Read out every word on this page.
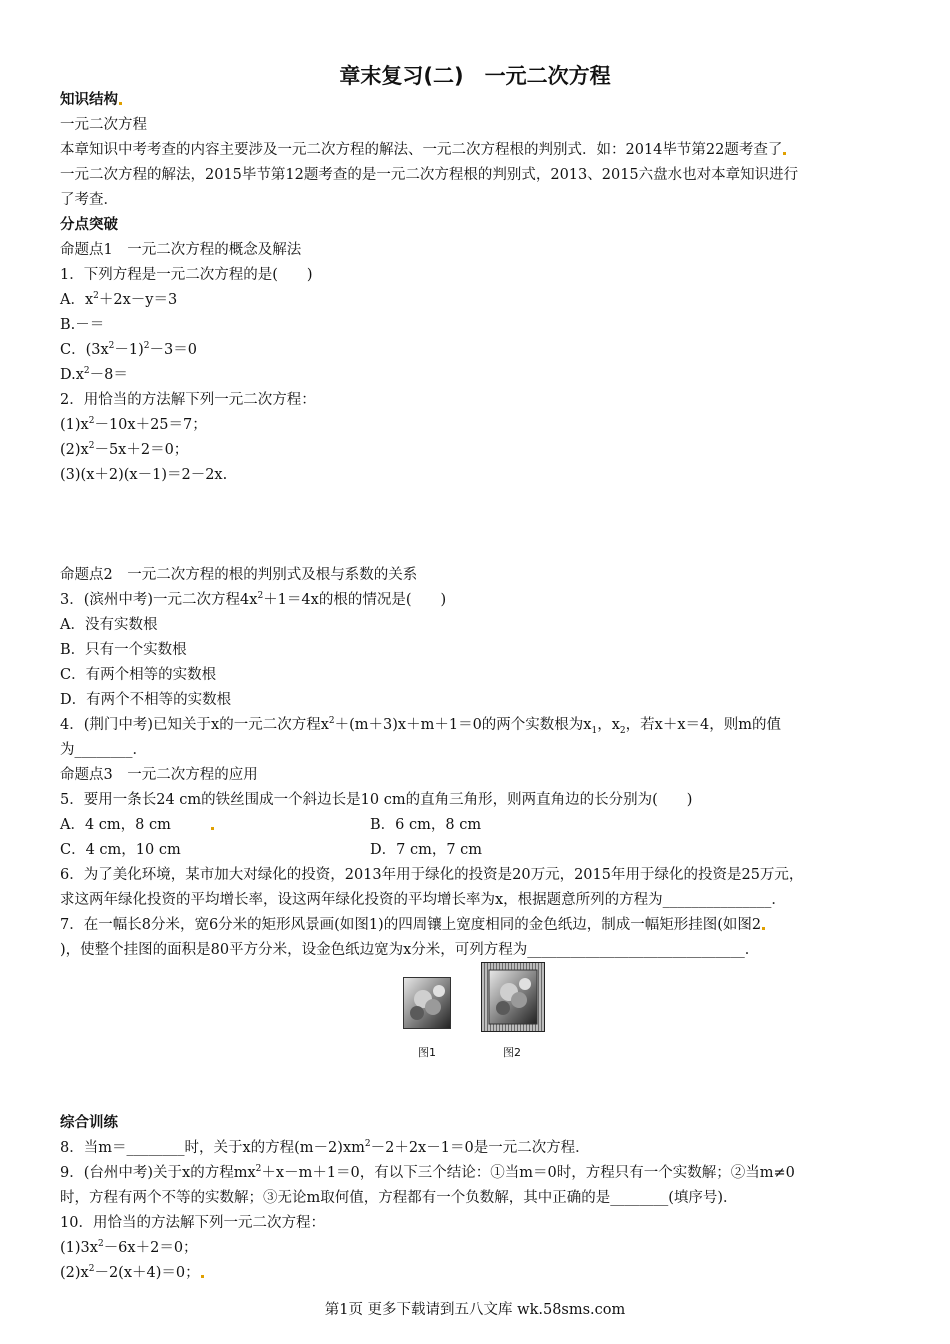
章末复习(二)　一元二次方程
知识结构
一元二次方程
本章知识中考考查的内容主要涉及一元二次方程的解法、一元二次方程根的判别式．如：2014毕节第22题考查了
一元二次方程的解法，2015毕节第12题考查的是一元二次方程根的判别式，2013、2015六盘水也对本章知识进行
了考查．
分点突破
命题点1　一元二次方程的概念及解法
1．下列方程是一元二次方程的是(　　)
A．$x^2+2x-y=3$
B.－＝
C．$(3x^2-1)^2-3=0$
$D.x^2-8=$
2．用恰当的方法解下列一元二次方程：
$(1)x^2-10x+25=7$；
$(2)x^2-5x+2=0$；
(3)(x＋2)(x－1)＝2－2x.
命题点2　一元二次方程的根的判别式及根与系数的关系
3．(滨州中考)一元二次方程$4x^2+1=4x$的根的情况是(　　)
A．没有实数根
B．只有一个实数根
C．有两个相等的实数根
D．有两个不相等的实数根
4．(荆门中考)已知关于x的一元二次方程$x^2+(m+3)x+m+1=0$的两个实数根为$x_1$，$x_2$，若x＋x＝4，则m的值
为________．
命题点3　一元二次方程的应用
5．要用一条长24 cm的铁丝围成一个斜边长是10 cm的直角三角形，则两直角边的长分别为(　　)
A．4 cm，8 cm	B．6 cm，8 cm
C．4 cm，10 cm	D．7 cm，7 cm
6．为了美化环境，某市加大对绿化的投资，2013年用于绿化的投资是20万元，2015年用于绿化的投资是25万元，
求这两年绿化投资的平均增长率，设这两年绿化投资的平均增长率为x，根据题意所列的方程为_______________．
7．在一幅长8分米，宽6分米的矩形风景画(如图1)的四周镶上宽度相同的金色纸边，制成一幅矩形挂图(如图2
)，使整个挂图的面积是80平方分米，设金色纸边宽为x分米，可列方程为______________________________．
图1	图2
综合训练
8．当m＝________时，关于x的方程$(m-2)xm^2-2+2x-1=0$是一元二次方程．
9．(台州中考)关于x的方程$mx^2+x-m+1=0$，有以下三个结论：①当m＝0时，方程只有一个实数解；②当m≠0
时，方程有两个不等的实数解；③无论m取何值，方程都有一个负数解，其中正确的是________(填序号)．
10．用恰当的方法解下列一元二次方程：
$(1)3x^2-6x+2=0$；
$(2)x^2-2(x+4)=0$；
第1页 更多下载请到五八文库 wk.58sms.com
